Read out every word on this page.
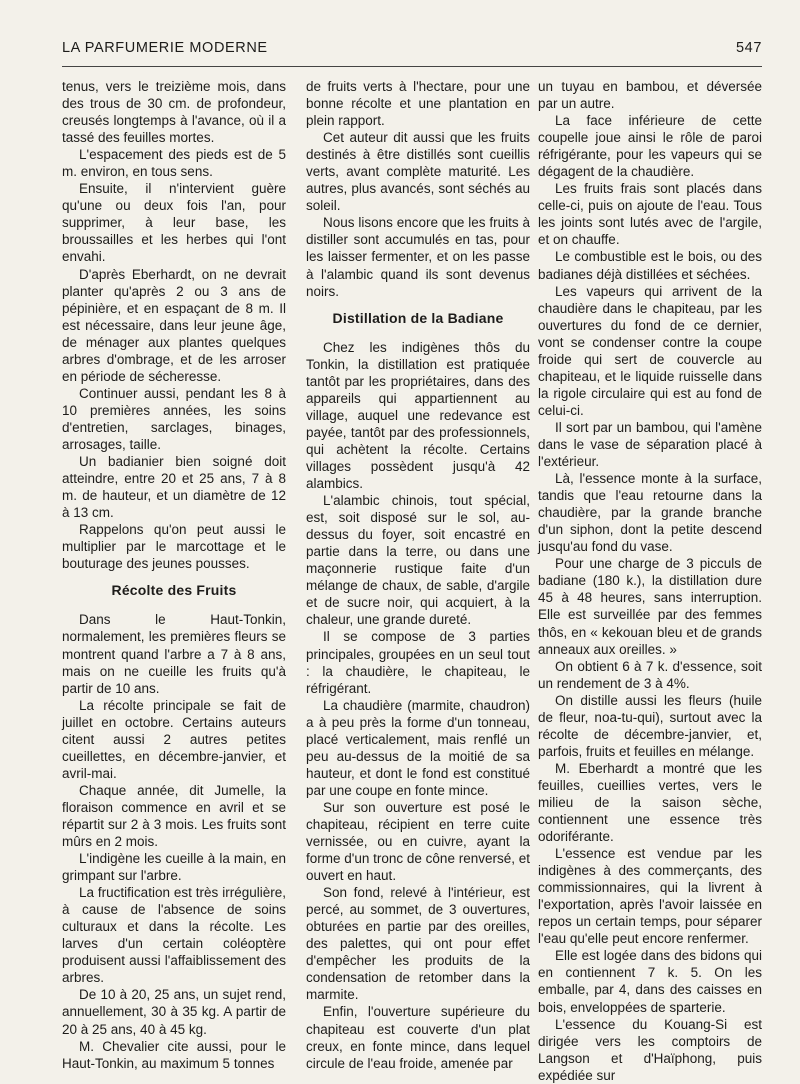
LA PARFUMERIE MODERNE	547

tenus, vers le treizième mois, dans des trous de 30 cm. de profondeur, creusés longtemps à l'avance, où il a tassé des feuilles mortes.

L'espacement des pieds est de 5 m. environ, en tous sens.

Ensuite, il n'intervient guère qu'une ou deux fois l'an, pour supprimer, à leur base, les broussailles et les herbes qui l'ont envahi.

D'après Eberhardt, on ne devrait planter qu'après 2 ou 3 ans de pépinière, et en espaçant de 8 m. Il est nécessaire, dans leur jeune âge, de ménager aux plantes quelques arbres d'ombrage, et de les arroser en période de sécheresse.

Continuer aussi, pendant les 8 à 10 premières années, les soins d'entretien, sarclages, binages, arrosages, taille.

Un badianier bien soigné doit atteindre, entre 20 et 25 ans, 7 à 8 m. de hauteur, et un diamètre de 12 à 13 cm.

Rappelons qu'on peut aussi le multiplier par le marcottage et le bouturage des jeunes pousses.

Récolte des Fruits

Dans le Haut-Tonkin, normalement, les premières fleurs se montrent quand l'arbre a 7 à 8 ans, mais on ne cueille les fruits qu'à partir de 10 ans.

La récolte principale se fait de juillet en octobre. Certains auteurs citent aussi 2 autres petites cueillettes, en décembre-janvier, et avril-mai.

Chaque année, dit Jumelle, la floraison commence en avril et se répartit sur 2 à 3 mois. Les fruits sont mûrs en 2 mois.

L'indigène les cueille à la main, en grimpant sur l'arbre.

La fructification est très irrégulière, à cause de l'absence de soins culturaux et dans la récolte. Les larves d'un certain coléoptère produisent aussi l'affaiblissement des arbres.

De 10 à 20, 25 ans, un sujet rend, annuellement, 30 à 35 kg. A partir de 20 à 25 ans, 40 à 45 kg.

M. Chevalier cite aussi, pour le Haut-Tonkin, au maximum 5 tonnes

de fruits verts à l'hectare, pour une bonne récolte et une plantation en plein rapport.

Cet auteur dit aussi que les fruits destinés à être distillés sont cueillis verts, avant complète maturité. Les autres, plus avancés, sont séchés au soleil.

Nous lisons encore que les fruits à distiller sont accumulés en tas, pour les laisser fermenter, et on les passe à l'alambic quand ils sont devenus noirs.

Distillation de la Badiane

Chez les indigènes thôs du Tonkin, la distillation est pratiquée tantôt par les propriétaires, dans des appareils qui appartiennent au village, auquel une redevance est payée, tantôt par des professionnels, qui achètent la récolte. Certains villages possèdent jusqu'à 42 alambics.

L'alambic chinois, tout spécial, est, soit disposé sur le sol, au-dessus du foyer, soit encastré en partie dans la terre, ou dans une maçonnerie rustique faite d'un mélange de chaux, de sable, d'argile et de sucre noir, qui acquiert, à la chaleur, une grande dureté.

Il se compose de 3 parties principales, groupées en un seul tout : la chaudière, le chapiteau, le réfrigérant.

La chaudière (marmite, chaudron) a à peu près la forme d'un tonneau, placé verticalement, mais renflé un peu au-dessus de la moitié de sa hauteur, et dont le fond est constitué par une coupe en fonte mince.

Sur son ouverture est posé le chapiteau, récipient en terre cuite vernissée, ou en cuivre, ayant la forme d'un tronc de cône renversé, et ouvert en haut.

Son fond, relevé à l'intérieur, est percé, au sommet, de 3 ouvertures, obturées en partie par des oreilles, des palettes, qui ont pour effet d'empêcher les produits de la condensation de retomber dans la marmite.

Enfin, l'ouverture supérieure du chapiteau est couverte d'un plat creux, en fonte mince, dans lequel circule de l'eau froide, amenée par

un tuyau en bambou, et déversée par un autre.

La face inférieure de cette coupelle joue ainsi le rôle de paroi réfrigérante, pour les vapeurs qui se dégagent de la chaudière.

Les fruits frais sont placés dans celle-ci, puis on ajoute de l'eau. Tous les joints sont lutés avec de l'argile, et on chauffe.

Le combustible est le bois, ou des badianes déjà distillées et séchées.

Les vapeurs qui arrivent de la chaudière dans le chapiteau, par les ouvertures du fond de ce dernier, vont se condenser contre la coupe froide qui sert de couvercle au chapiteau, et le liquide ruisselle dans la rigole circulaire qui est au fond de celui-ci.

Il sort par un bambou, qui l'amène dans le vase de séparation placé à l'extérieur.

Là, l'essence monte à la surface, tandis que l'eau retourne dans la chaudière, par la grande branche d'un siphon, dont la petite descend jusqu'au fond du vase.

Pour une charge de 3 picculs de badiane (180 k.), la distillation dure 45 à 48 heures, sans interruption. Elle est surveillée par des femmes thôs, en « kekouan bleu et de grands anneaux aux oreilles. »

On obtient 6 à 7 k. d'essence, soit un rendement de 3 à 4%.

On distille aussi les fleurs (huile de fleur, noa-tu-qui), surtout avec la récolte de décembre-janvier, et, parfois, fruits et feuilles en mélange.

M. Eberhardt a montré que les feuilles, cueillies vertes, vers le milieu de la saison sèche, contiennent une essence très odoriférante.

L'essence est vendue par les indigènes à des commerçants, des commissionnaires, qui la livrent à l'exportation, après l'avoir laissée en repos un certain temps, pour séparer l'eau qu'elle peut encore renfermer.

Elle est logée dans des bidons qui en contiennent 7 k. 5. On les emballe, par 4, dans des caisses en bois, enveloppées de sparterie.

L'essence du Kouang-Si est dirigée vers les comptoirs de Langson et d'Haïphong, puis expédiée sur
